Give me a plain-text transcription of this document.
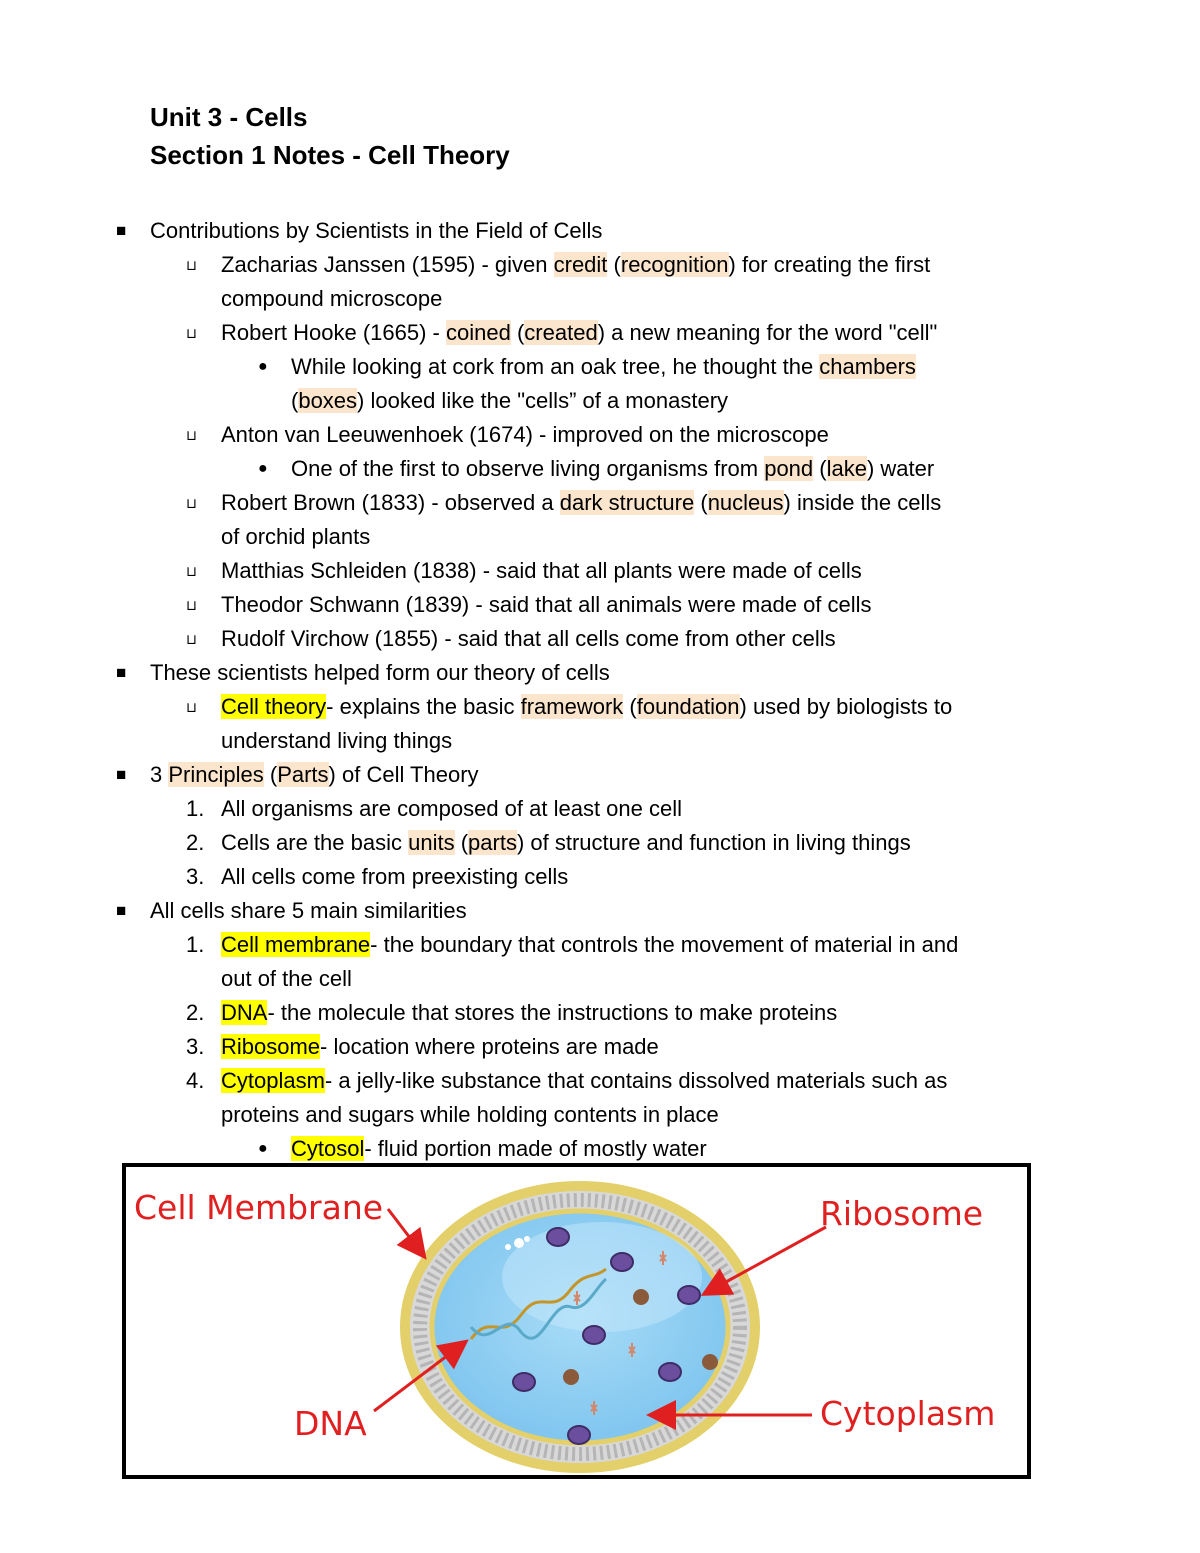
Unit 3 - Cells
Section 1 Notes - Cell Theory
■ Contributions by Scientists in the Field of Cells
⊔ Zacharias Janssen (1595) - given credit (recognition) for creating the first
compound microscope
⊔ Robert Hooke (1665) - coined (created) a new meaning for the word "cell"
● While looking at cork from an oak tree, he thought the chambers
(boxes) looked like the "cells” of a monastery
⊔ Anton van Leeuwenhoek (1674) - improved on the microscope
● One of the first to observe living organisms from pond (lake) water
⊔ Robert Brown (1833) - observed a dark structure (nucleus) inside the cells
of orchid plants
⊔ Matthias Schleiden (1838) - said that all plants were made of cells
⊔ Theodor Schwann (1839) - said that all animals were made of cells
⊔ Rudolf Virchow (1855) - said that all cells come from other cells
■ These scientists helped form our theory of cells
⊔ Cell theory- explains the basic framework (foundation) used by biologists to
understand living things
■ 3 Principles (Parts) of Cell Theory
1. All organisms are composed of at least one cell
2. Cells are the basic units (parts) of structure and function in living things
3. All cells come from preexisting cells
■ All cells share 5 main similarities
1. Cell membrane- the boundary that controls the movement of material in and
out of the cell
2. DNA- the molecule that stores the instructions to make proteins
3. Ribosome- location where proteins are made
4. Cytoplasm- a jelly-like substance that contains dissolved materials such as
proteins and sugars while holding contents in place
● Cytosol- fluid portion made of mostly water
Cell Membrane	Ribosome
DNA	Cytoplasm
